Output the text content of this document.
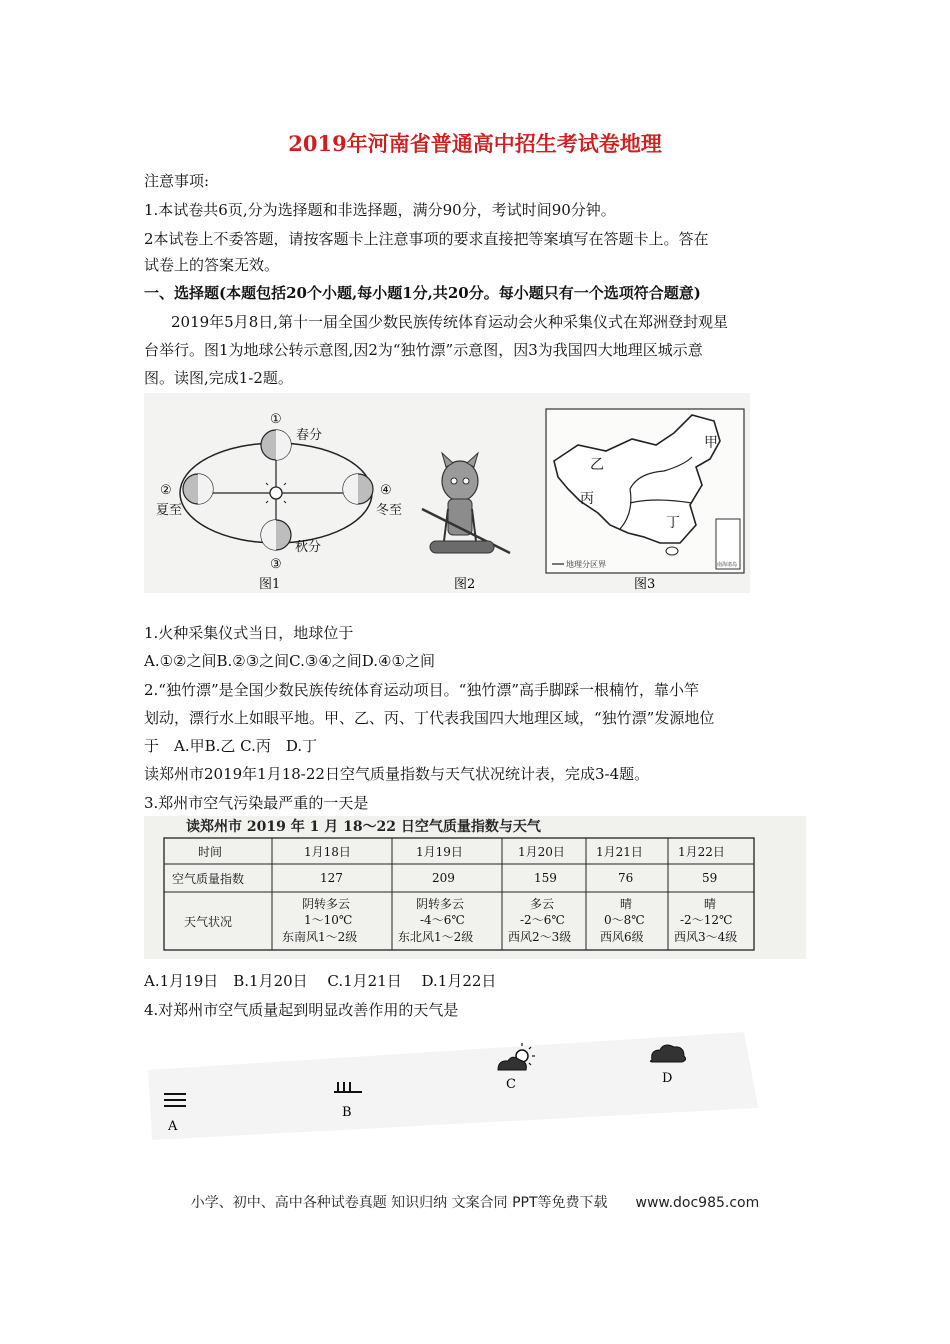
2019年河南省普通高中招生考试卷地理
注意事项:
1.本试卷共6页,分为选择题和非选择题，满分90分，考试时间90分钟。
2本试卷上不委答题，请按客题卡上注意事项的要求直接把等案填写在答题卡上。答在
试卷上的答案无效。
一、选择题(本题包括20个小题,每小题1分,共20分。每小题只有一个选项符合题意)
2019年5月8日,第十一届全国少数民族传统体育运动会火种采集仪式在郑洲登封观星
台举行。图1为地球公转示意图,因2为“独竹漂”示意图，因3为我国四大地理区城示意
图。读图,完成1-2题。
①
春分
②
夏至
③
秋分
④
冬至
图1	图2
甲
乙
丙
丁
南海诸岛
地理分区界
图3
1.火种采集仪式当日，地球位于
A.①②之间B.②③之间C.③④之间D.④①之间
2.“独竹漂”是全国少数民族传统体育运动项目。“独竹漂”高手脚踩一根楠竹，靠小竿
划动，漂行水上如眼平地。甲、乙、丙、丁代表我国四大地理区域，“独竹漂”发源地位
于　A.甲B.乙 C.丙　D.丁
读郑州市2019年1月18-22日空气质量指数与天气状况统计表，完成3-4题。
3.郑州市空气污染最严重的一天是
读郑州市 2019 年 1 月 18～22 日空气质量指数与天气
时间
空气质量指数
天气状况
1月18日
127
阴转多云
1～10℃
东南风1～2级
1月19日
209
阴转多云
-4～6℃
东北风1～2级
1月20日
159
多云
-2～6℃
西风2～3级
1月21日
76
晴
0～8℃
西风6级
1月22日
59
晴
-2～12℃
西风3～4级
A.1月19日　B.1月20日　 C.1月21日　 D.1月22日
4.对郑州市空气质量起到明显改善作用的天气是
A
B
C	D
小学、初中、高中各种试卷真题 知识归纳 文案合同 PPT等免费下载　　www.doc985.com
